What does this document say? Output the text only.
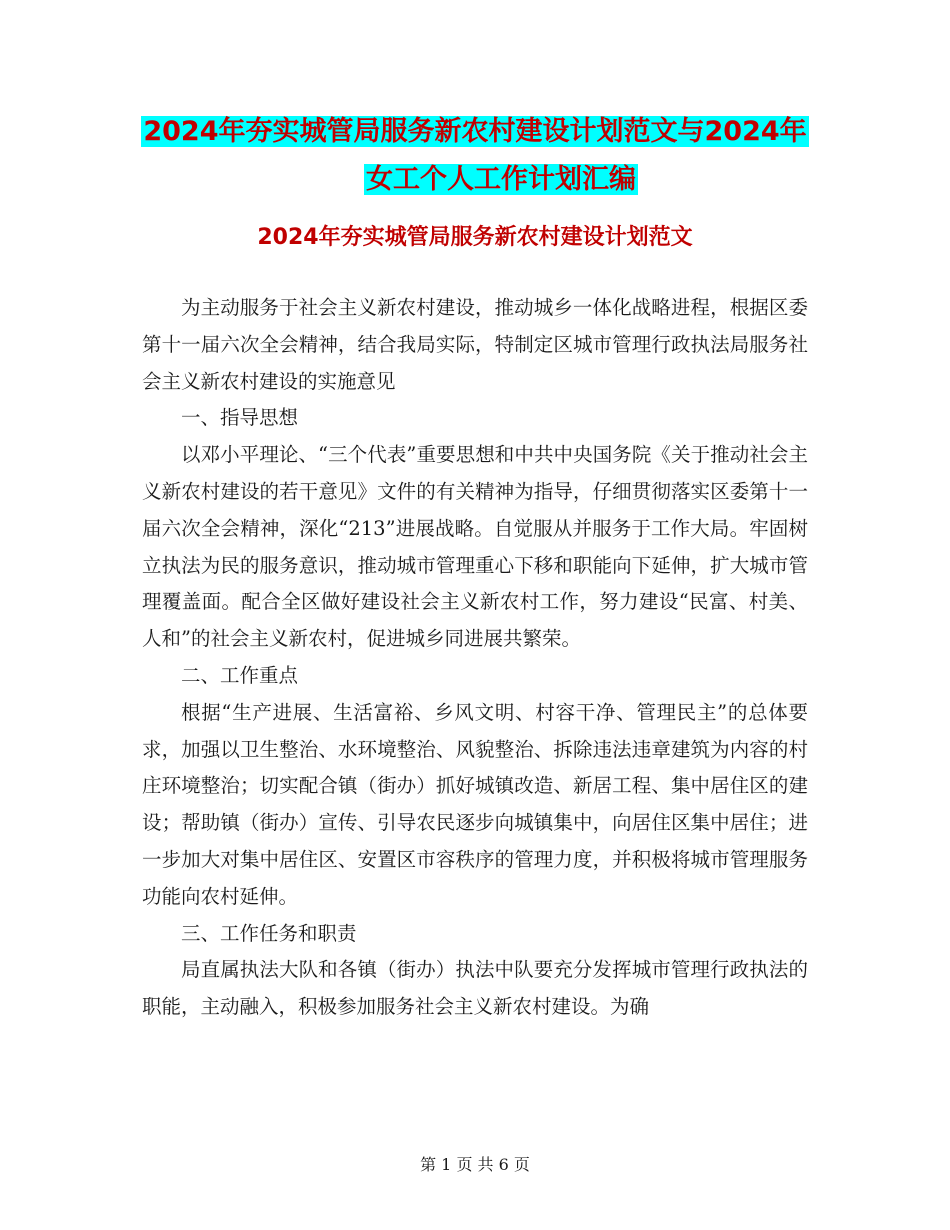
2024年夯实城管局服务新农村建设计划范文与2024年
女工个人工作计划汇编
2024年夯实城管局服务新农村建设计划范文

为主动服务于社会主义新农村建设，推动城乡一体化战略进程，根据区委第十一届六次全会精神，结合我局实际，特制定区城市管理行政执法局服务社会主义新农村建设的实施意见

一、指导思想

以邓小平理论、“三个代表”重要思想和中共中央国务院《关于推动社会主义新农村建设的若干意见》文件的有关精神为指导，仔细贯彻落实区委第十一届六次全会精神，深化“213”进展战略。自觉服从并服务于工作大局。牢固树立执法为民的服务意识，推动城市管理重心下移和职能向下延伸，扩大城市管理覆盖面。配合全区做好建设社会主义新农村工作，努力建设“民富、村美、人和”的社会主义新农村，促进城乡同进展共繁荣。

二、工作重点

根据“生产进展、生活富裕、乡风文明、村容干净、管理民主”的总体要求，加强以卫生整治、水环境整治、风貌整治、拆除违法违章建筑为内容的村庄环境整治；切实配合镇（街办）抓好城镇改造、新居工程、集中居住区的建设；帮助镇（街办）宣传、引导农民逐步向城镇集中，向居住区集中居住；进一步加大对集中居住区、安置区市容秩序的管理力度，并积极将城市管理服务功能向农村延伸。

三、工作任务和职责

局直属执法大队和各镇（街办）执法中队要充分发挥城市管理行政执法的职能，主动融入，积极参加服务社会主义新农村建设。为确

第 1 页 共 6 页
